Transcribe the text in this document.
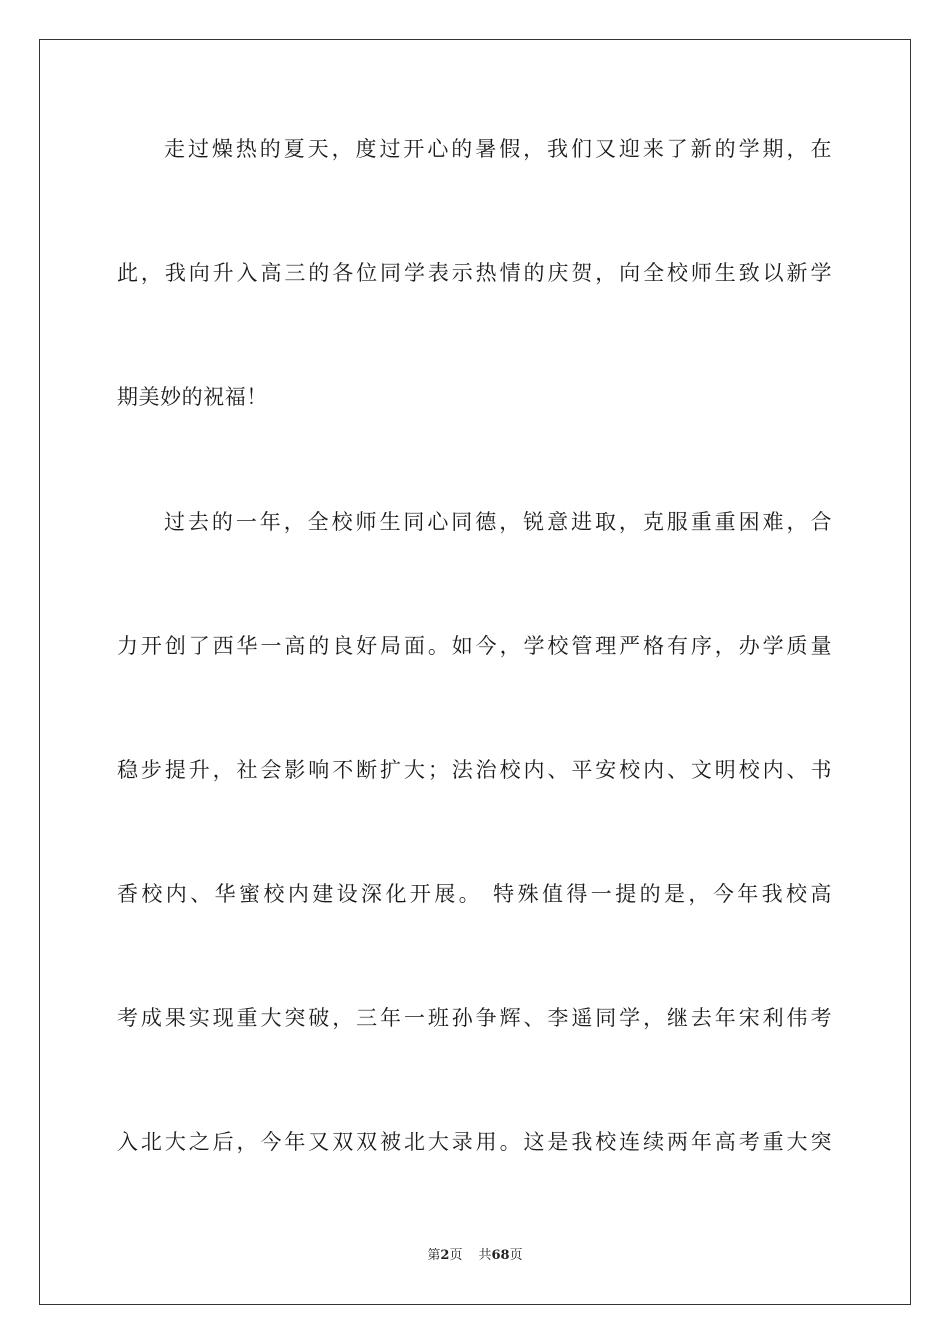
走过燥热的夏天，度过开心的暑假，我们又迎来了新的学期，在
此，我向升入高三的各位同学表示热情的庆贺，向全校师生致以新学
期美妙的祝福！
过去的一年，全校师生同心同德，锐意进取，克服重重困难，合
力开创了西华一高的良好局面。如今，学校管理严格有序，办学质量
稳步提升，社会影响不断扩大；法治校内、平安校内、文明校内、书
香校内、华蜜校内建设深化开展。 特殊值得一提的是，今年我校高
考成果实现重大突破，三年一班孙争辉、李遥同学，继去年宋利伟考
入北大之后，今年又双双被北大录用。这是我校连续两年高考重大突
第2页 共68页
